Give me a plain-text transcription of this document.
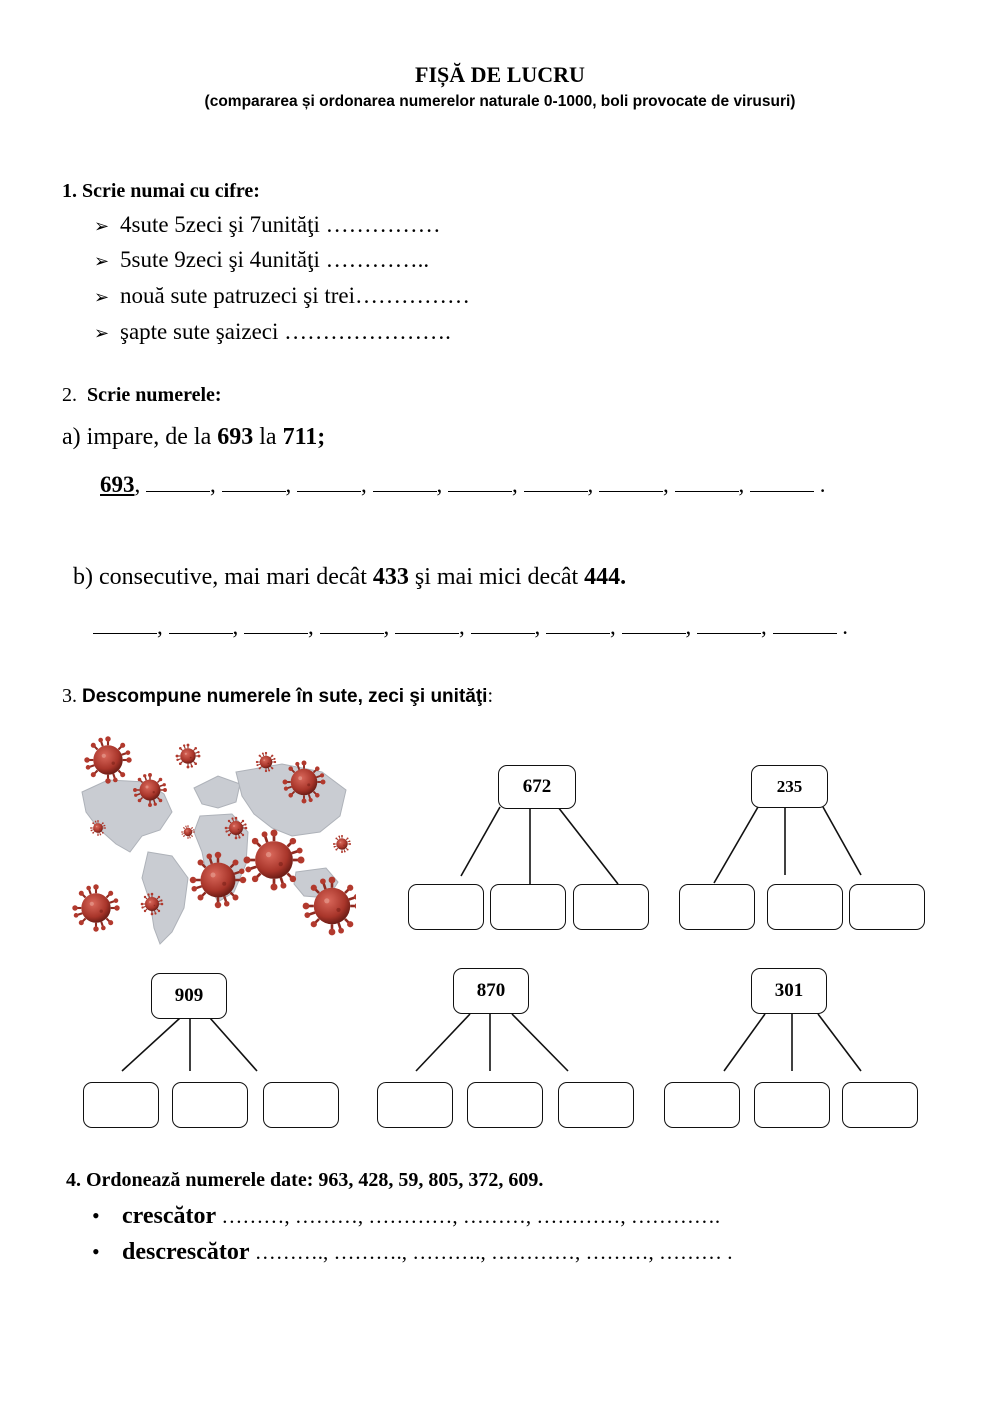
FIȘĂ DE LUCRU
(compararea și ordonarea numerelor naturale 0-1000, boli provocate de virusuri)
1. Scrie numai cu cifre:
➢ 4sute 5zeci şi 7unităţi ……………
➢ 5sute 9zeci şi 4unităţi …………..
➢ nouă sute patruzeci şi trei……………
➢ şapte sute şaizeci ………………….
2. Scrie numerele:
a) impare, de la 693 la 711;
693,	,	,	,	,	,	,	,	,	.
b) consecutive, mai mari decât 433 şi mai mici decât 444.
,	,	,	,	,	,	,	,	,	.
3. Descompune numerele în sute, zeci şi unităţi:
672	235
909	870	301
4. Ordonează numerele date: 963, 428, 59, 805, 372, 609.
• crescător ………, ………, …………, ………, …………, ………….
• descrescător ………., ………., ………., …………, ………, ……… .
